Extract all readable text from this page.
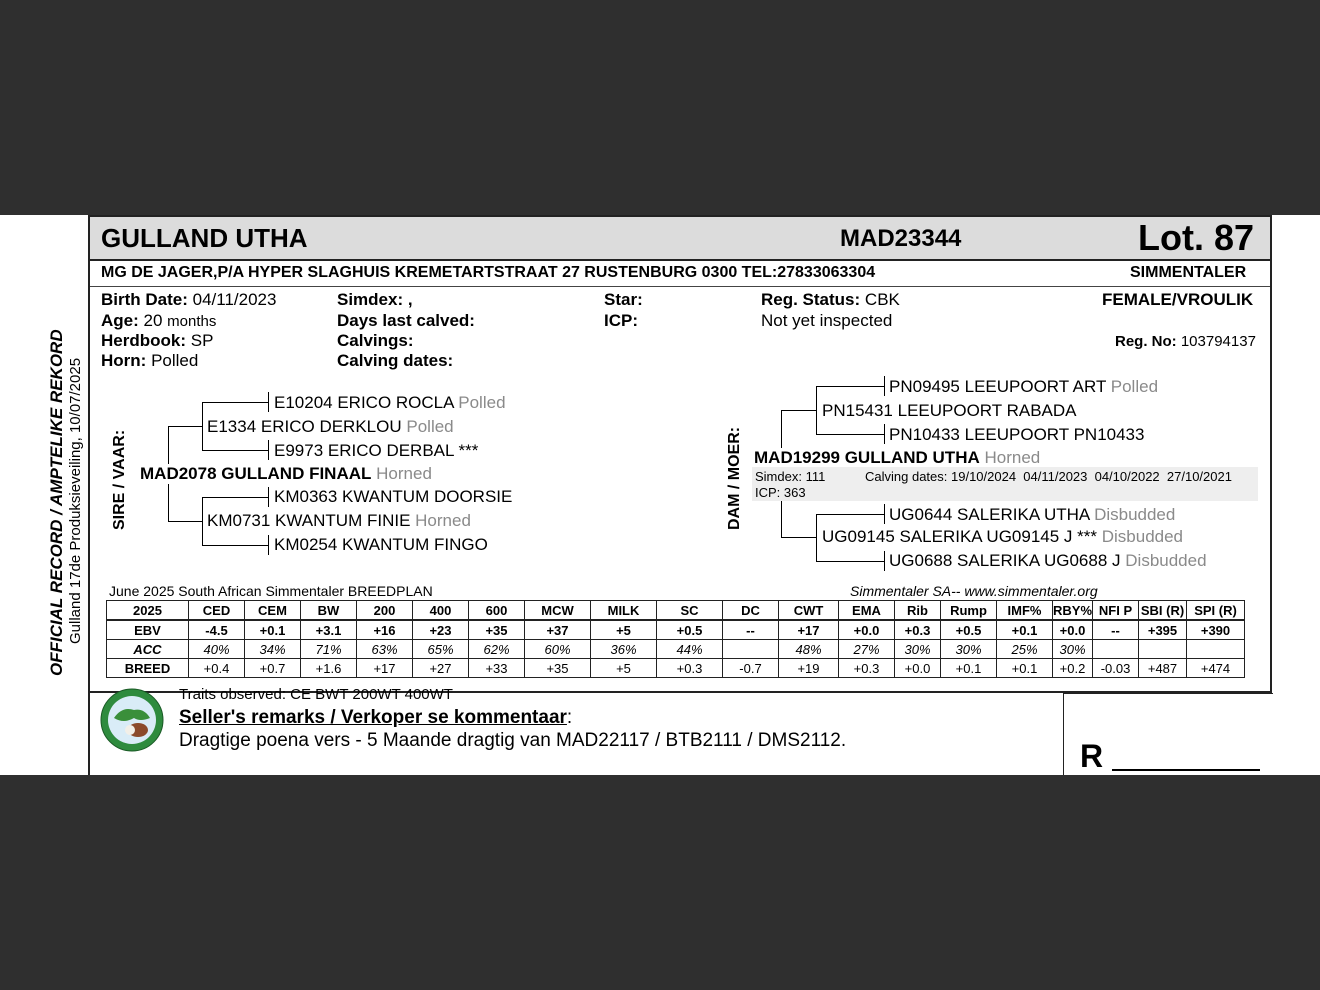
GULLAND UTHA	MAD23344	Lot. 87
MG DE JAGER,P/A HYPER SLAGHUIS KREMETARTSTRAAT 27 RUSTENBURG 0300 TEL:27833063304	SIMMENTALER
Birth Date: 04/11/2023
Age: 20 months
Herdbook: SP
Horn: Polled
Simdex: ,
Days last calved:
Calvings:
Calving dates:
Star:
ICP:
Reg. Status: CBK
Not yet inspected
FEMALE/VROULIK
Reg. No: 103794137
OFFICIAL RECORD / AMPTELIKE REKORD Gulland 17de Produksieveiling, 10/07/2025 SIRE / VAAR:
E10204 ERICO ROCLA Polled
E1334 ERICO DERKLOU Polled
E9973 ERICO DERBAL ***
MAD2078 GULLAND FINAAL Horned
KM0363 KWANTUM DOORSIE
KM0731 KWANTUM FINIE Horned
KM0254 KWANTUM FINGO
DAM / MOER:
PN09495 LEEUPOORT ART Polled
PN15431 LEEUPOORT RABADA
PN10433 LEEUPOORT PN10433
MAD19299 GULLAND UTHA Horned
Simdex: 111
ICP: 363
Calving dates: 19/10/2024  04/11/2023  04/10/2022  27/10/2021
UG0644 SALERIKA UTHA Disbudded
UG09145 SALERIKA UG09145 J *** Disbudded
UG0688 SALERIKA UG0688 J Disbudded
June 2025 South African Simmentaler BREEDPLAN	Simmentaler SA-- www.simmentaler.org
2025	CED	CEM	BW	200	400	600	MCW	MILK	SC	DC	CWT	EMA	Rib	Rump	IMF%	RBY%	NFI P	SBI (R)	SPI (R)
EBV	-4.5	+0.1	+3.1	+16	+23	+35	+37	+5	+0.5	--	+17	+0.0	+0.3	+0.5	+0.1	+0.0	--	+395	+390
ACC	40%	34%	71%	63%	65%	62%	60%	36%	44%		48%	27%	30%	30%	25%	30%			
BREED	+0.4	+0.7	+1.6	+17	+27	+33	+35	+5	+0.3	-0.7	+19	+0.3	+0.0	+0.1	+0.1	+0.2	-0.03	+487	+474
Traits observed: CE BWT 200WT 400WT
Seller's remarks / Verkoper se kommentaar:
Dragtige poena vers - 5 Maande dragtig van MAD22117 / BTB2111 / DMS2112.	R
